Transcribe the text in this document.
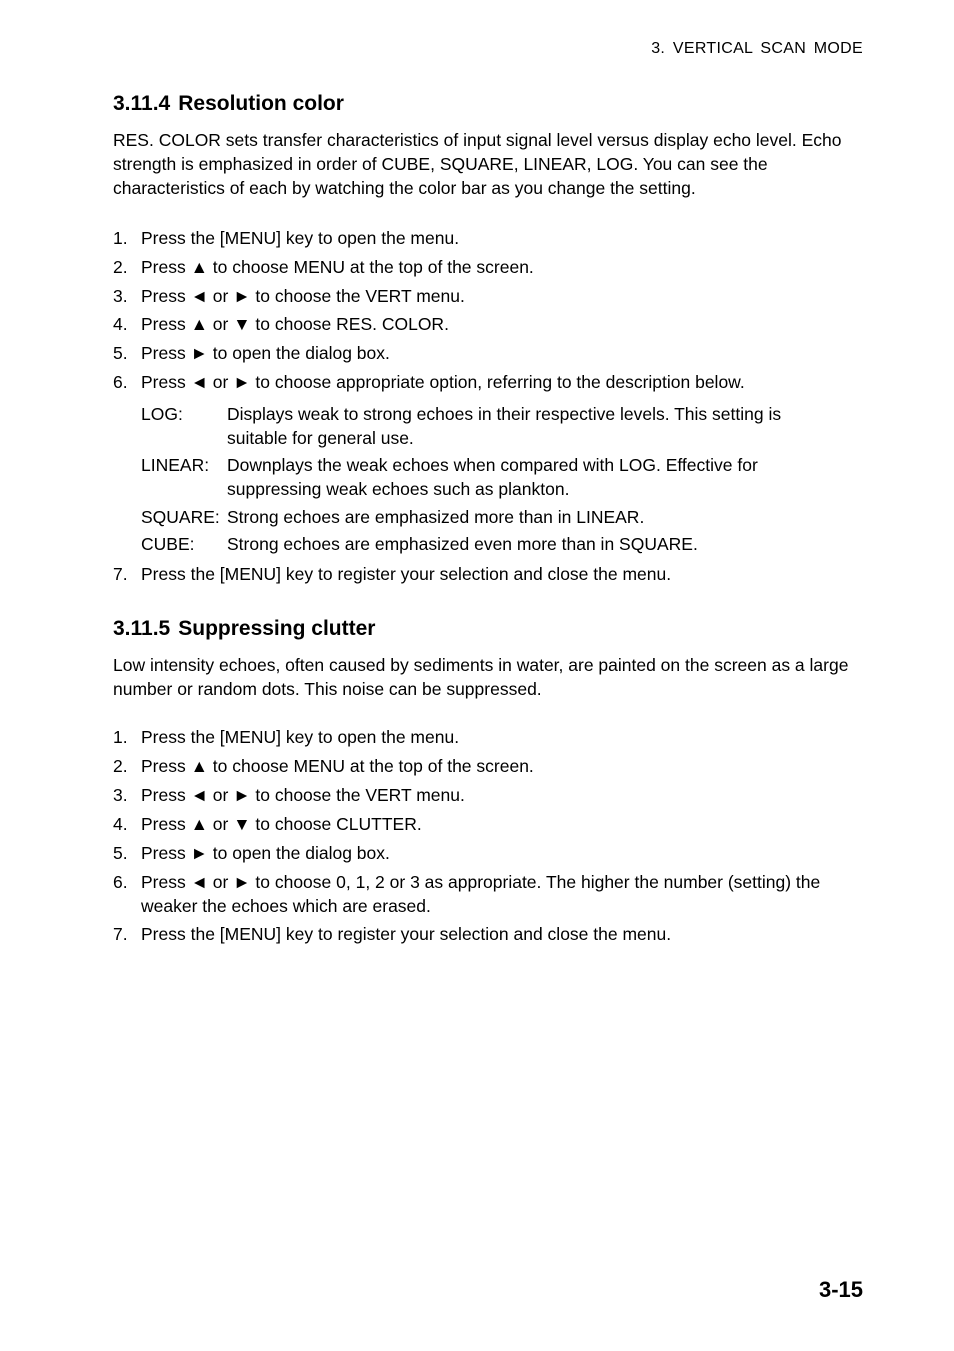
3. VERTICAL SCAN MODE
3.11.4 Resolution color

RES. COLOR sets transfer characteristics of input signal level versus display echo level. Echo strength is emphasized in order of CUBE, SQUARE, LINEAR, LOG. You can see the characteristics of each by watching the color bar as you change the setting.

1. Press the [MENU] key to open the menu.
2. Press ▲ to choose MENU at the top of the screen.
3. Press ◄ or ► to choose the VERT menu.
4. Press ▲ or ▼ to choose RES. COLOR.
5. Press ► to open the dialog box.
6. Press ◄ or ► to choose appropriate option, referring to the description below.
LOG:	Displays weak to strong echoes in their respective levels. This setting is suitable for general use.
LINEAR: Downplays the weak echoes when compared with LOG. Effective for suppressing weak echoes such as plankton.
SQUARE: Strong echoes are emphasized more than in LINEAR.
CUBE: Strong echoes are emphasized even more than in SQUARE.
7. Press the [MENU] key to register your selection and close the menu.
3.11.5 Suppressing clutter

Low intensity echoes, often caused by sediments in water, are painted on the screen as a large number or random dots. This noise can be suppressed.

1. Press the [MENU] key to open the menu.
2. Press ▲ to choose MENU at the top of the screen.
3. Press ◄ or ► to choose the VERT menu.
4. Press ▲ or ▼ to choose CLUTTER.
5. Press ► to open the dialog box.
6. Press ◄ or ► to choose 0, 1, 2 or 3 as appropriate. The higher the number (setting) the weaker the echoes which are erased.
7. Press the [MENU] key to register your selection and close the menu.
3-15
